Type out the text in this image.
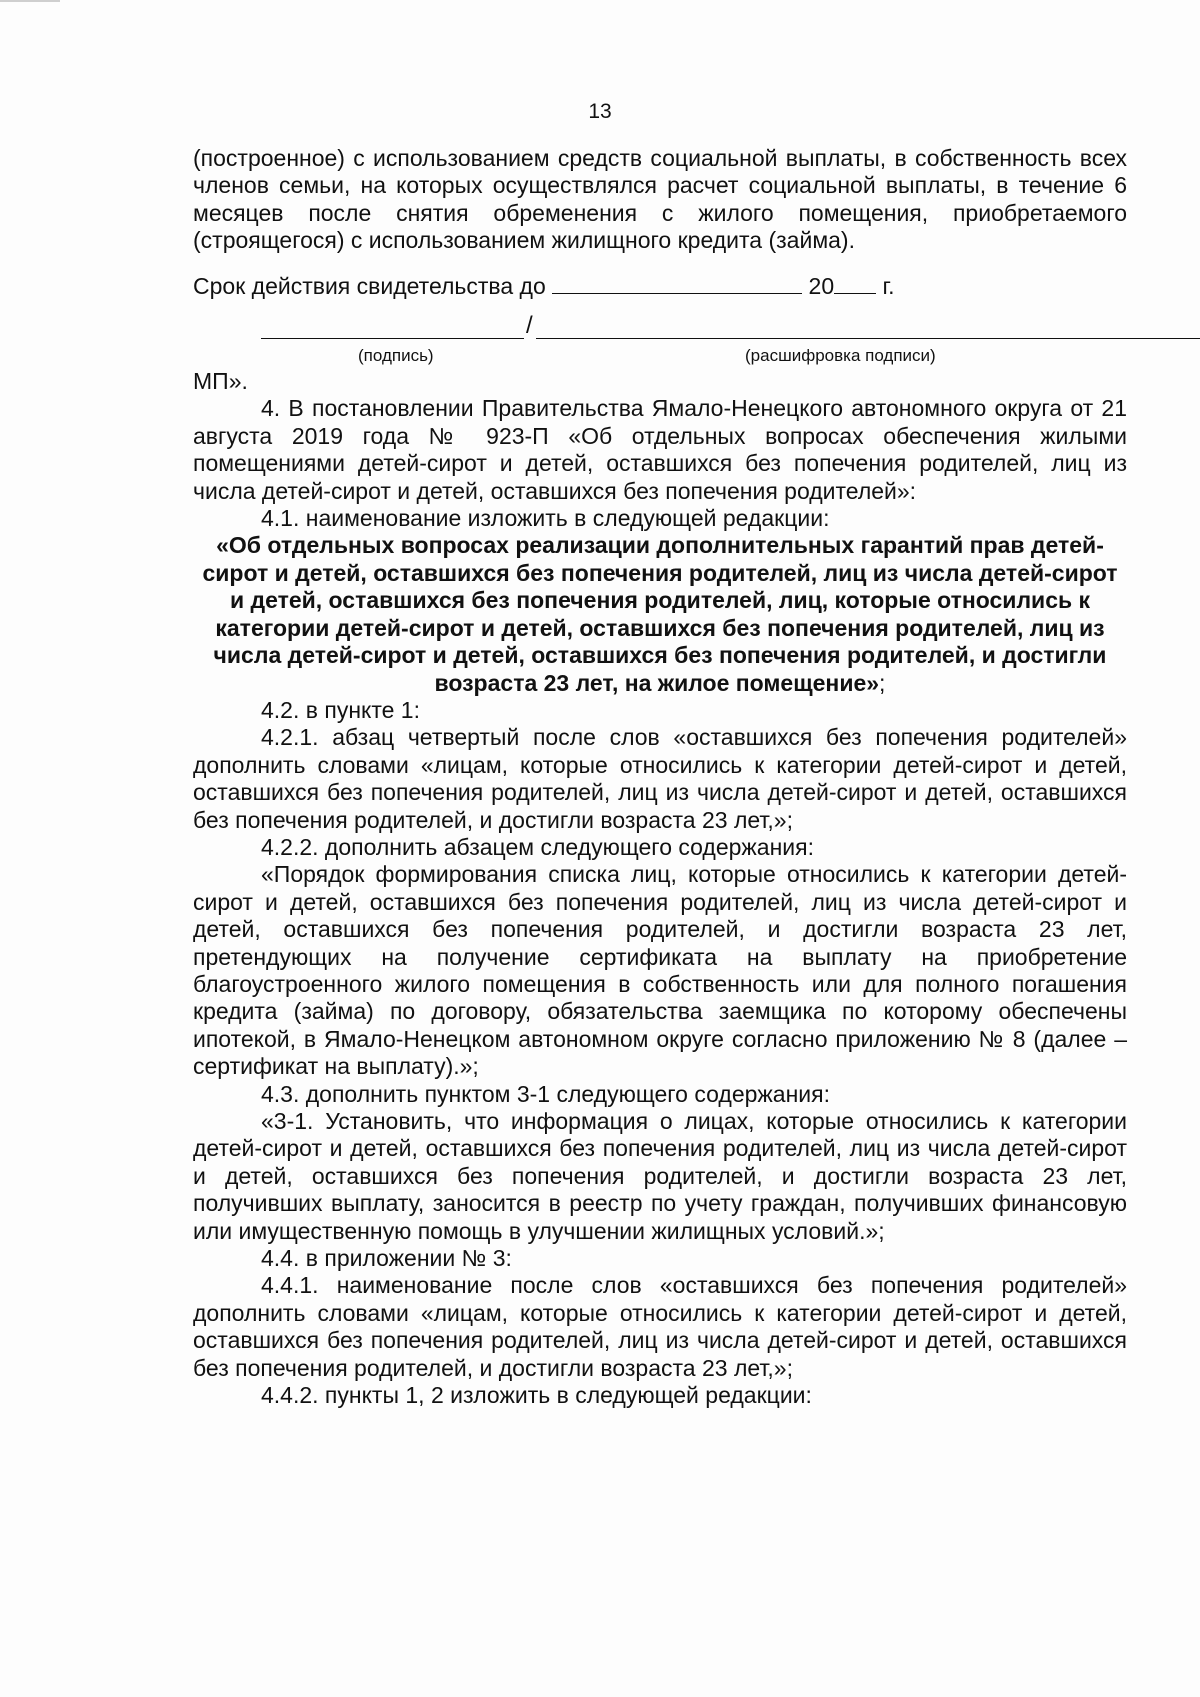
13

(построенное) с использованием средств социальной выплаты, в собственность всех членов семьи, на которых осуществлялся расчет социальной выплаты, в течение 6 месяцев после снятия обременения с жилого помещения, приобретаемого (строящегося) с использованием жилищного кредита (займа).

Срок действия свидетельства до	20 г.

/
(подпись)	(расшифровка подписи)

МП».

4. В постановлении Правительства Ямало-Ненецкого автономного округа от 21 августа 2019 года № 923-П «Об отдельных вопросах обеспечения жилыми помещениями детей-сирот и детей, оставшихся без попечения родителей, лиц из числа детей-сирот и детей, оставшихся без попечения родителей»:

4.1. наименование изложить в следующей редакции:

«Об отдельных вопросах реализации дополнительных гарантий прав детей-сирот и детей, оставшихся без попечения родителей, лиц из числа детей-сирот и детей, оставшихся без попечения родителей, лиц, которые относились к категории детей-сирот и детей, оставшихся без попечения родителей, лиц из числа детей-сирот и детей, оставшихся без попечения родителей, и достигли возраста 23 лет, на жилое помещение»;

4.2. в пункте 1:

4.2.1. абзац четвертый после слов «оставшихся без попечения родителей» дополнить словами «лицам, которые относились к категории детей-сирот и детей, оставшихся без попечения родителей, лиц из числа детей-сирот и детей, оставшихся без попечения родителей, и достигли возраста 23 лет,»;

4.2.2. дополнить абзацем следующего содержания:

«Порядок формирования списка лиц, которые относились к категории детей-сирот и детей, оставшихся без попечения родителей, лиц из числа детей-сирот и детей, оставшихся без попечения родителей, и достигли возраста 23 лет, претендующих на получение сертификата на выплату на приобретение благоустроенного жилого помещения в собственность или для полного погашения кредита (займа) по договору, обязательства заемщика по которому обеспечены ипотекой, в Ямало-Ненецком автономном округе согласно приложению № 8 (далее – сертификат на выплату).»;

4.3. дополнить пунктом 3-1 следующего содержания:

«3-1. Установить, что информация о лицах, которые относились к категории детей-сирот и детей, оставшихся без попечения родителей, лиц из числа детей-сирот и детей, оставшихся без попечения родителей, и достигли возраста 23 лет, получивших выплату, заносится в реестр по учету граждан, получивших финансовую или имущественную помощь в улучшении жилищных условий.»;

4.4. в приложении № 3:

4.4.1. наименование после слов «оставшихся без попечения родителей» дополнить словами «лицам, которые относились к категории детей-сирот и детей, оставшихся без попечения родителей, лиц из числа детей-сирот и детей, оставшихся без попечения родителей, и достигли возраста 23 лет,»;

4.4.2. пункты 1, 2 изложить в следующей редакции:
